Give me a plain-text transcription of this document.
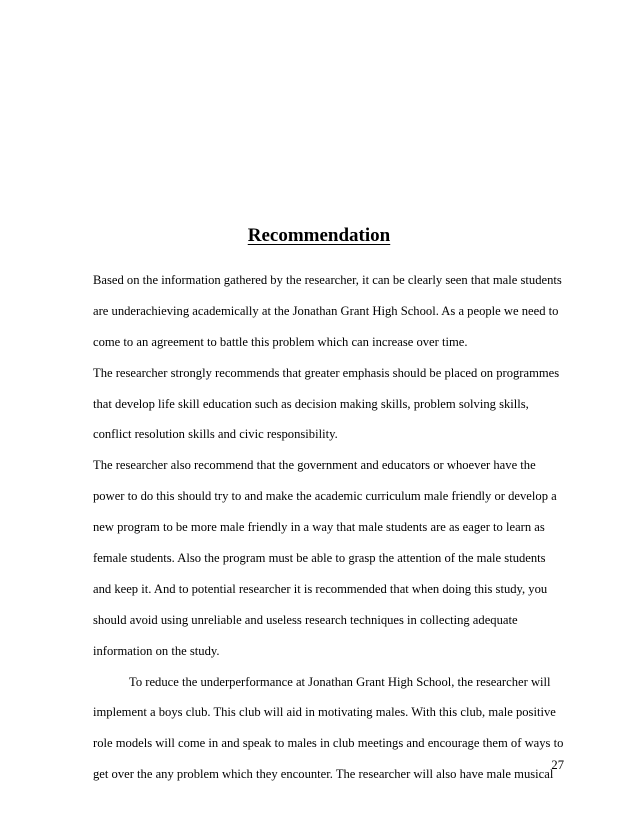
Recommendation
Based on the information gathered by the researcher, it can be clearly seen that male students
are underachieving academically at the Jonathan Grant High School. As a people we need to
come to an agreement to battle this problem which can increase over time.
The researcher strongly recommends that greater emphasis should be placed on programmes
that develop life skill education such as decision making skills, problem solving skills,
conflict resolution skills and civic responsibility.
The researcher also recommend that the government and educators or whoever have the
power to do this should try to and make the academic curriculum male friendly or develop a
new program to be more male friendly in a way that male students are as eager to learn as
female students. Also the program must be able to grasp the attention of the male students
and keep it. And to potential researcher it is recommended that when doing this study, you
should avoid using unreliable and useless research techniques in collecting adequate
information on the study.
To reduce the underperformance at Jonathan Grant High School, the researcher will
implement a boys club. This club will aid in motivating males. With this club, male positive
role models will come in and speak to males in club meetings and encourage them of ways to
get over the any problem which they encounter. The researcher will also have male musical
27
